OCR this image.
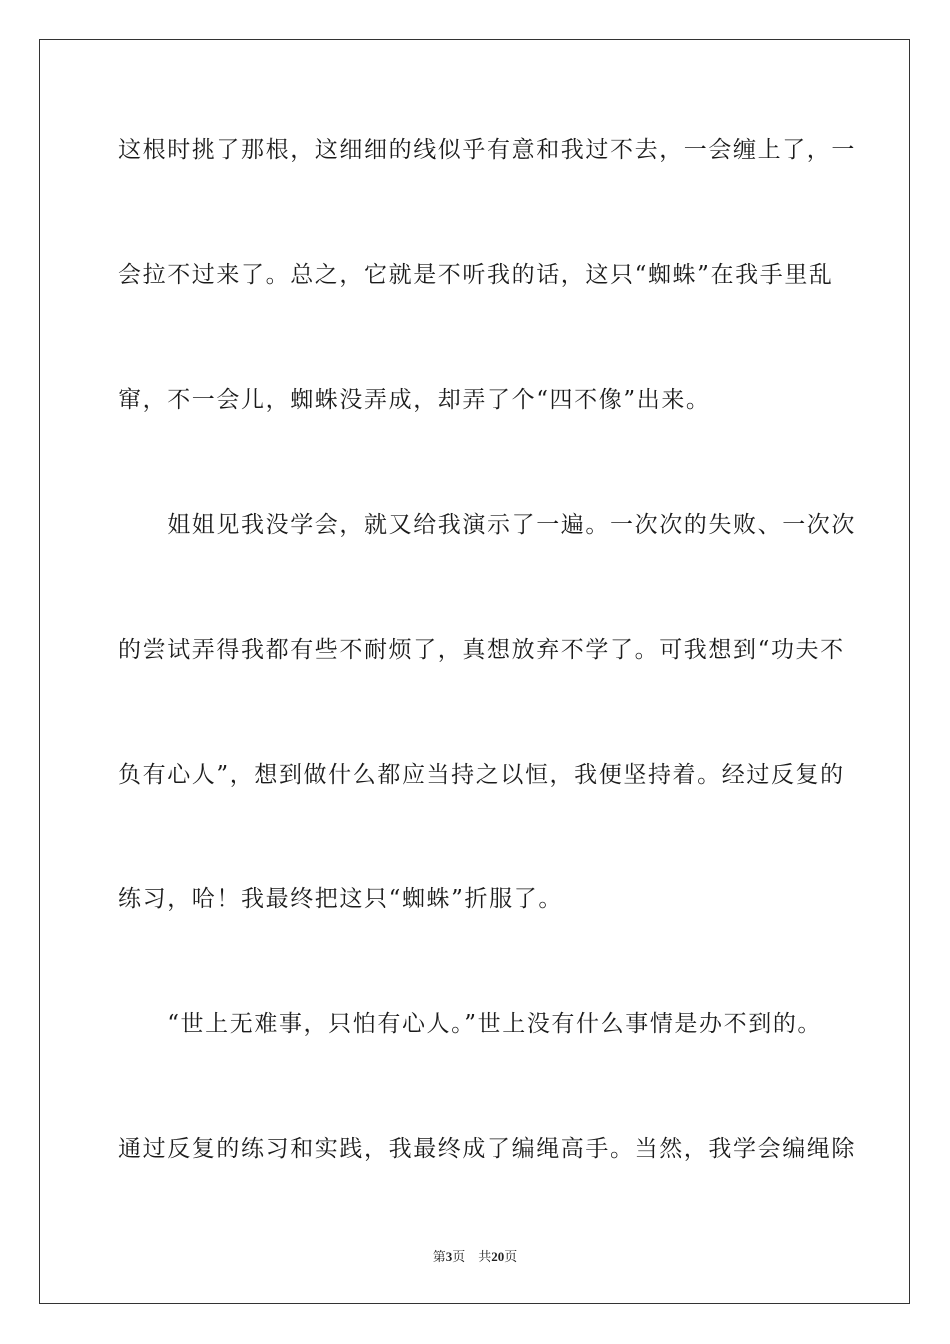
这根时挑了那根，这细细的线似乎有意和我过不去，一会缠上了，一
会拉不过来了。总之，它就是不听我的话，这只“蜘蛛”在我手里乱
窜，不一会儿，蜘蛛没弄成，却弄了个“四不像”出来。
　　姐姐见我没学会，就又给我演示了一遍。一次次的失败、一次次
的尝试弄得我都有些不耐烦了，真想放弃不学了。可我想到“功夫不
负有心人”，想到做什么都应当持之以恒，我便坚持着。经过反复的
练习，哈！我最终把这只“蜘蛛”折服了。
　　“世上无难事，只怕有心人。”世上没有什么事情是办不到的。
通过反复的练习和实践，我最终成了编绳高手。当然，我学会编绳除
第3页 共20页
